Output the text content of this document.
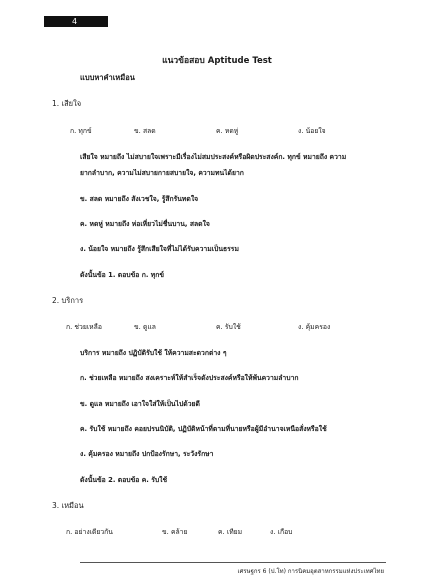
4
แนวข้อสอบ Aptitude Test
แบบหาคำเหมือน
1. เสียใจ
ก. ทุกข์	ข. สลด	ค. หดหู่	ง. น้อยใจ
เสียใจ หมายถึง ไม่สบายใจเพราะมีเรื่องไม่สมประสงค์หรือผิดประสงค์ก. ทุกข์ หมายถึง ความ
ยากลำบาก, ความไม่สบายกายสบายใจ, ความทนได้ยาก
ข. สลด หมายถึง สังเวชใจ, รู้สึกรันทดใจ
ค. หดหู่ หมายถึง ห่อเหี่ยวไม่ชื่นบาน, สลดใจ
ง. น้อยใจ หมายถึง รู้สึกเสียใจที่ไม่ได้รับความเป็นธรรม
ดังนั้นข้อ 1. ตอบข้อ ก. ทุกข์
2. บริการ
ก. ช่วยเหลือ	ข. ดูแล	ค. รับใช้	ง. คุ้มครอง
บริการ หมายถึง ปฏิบัติรับใช้ ให้ความสะดวกต่าง ๆ
ก. ช่วยเหลือ หมายถึง สงเคราะห์ให้สำเร็จดังประสงค์หรือให้พ้นความลำบาก
ข. ดูแล หมายถึง เอาใจใส่ให้เป็นไปด้วยดี
ค. รับใช้ หมายถึง คอยปรนนิบัติ, ปฏิบัติหน้าที่ตามที่นายหรือผู้มีอำนาจเหนือสั่งหรือใช้
ง. คุ้มครอง หมายถึง ปกป้องรักษา, ระวังรักษา
ดังนั้นข้อ 2. ตอบข้อ ค. รับใช้
3. เหมือน
ก. อย่างเดียวกัน	ข. คล้าย	ค. เทียม	ง. เกือบ
เศรษฐกร 6 (ป.โท) การนิคมอุตสาหกรรมแห่งประเทศไทย
